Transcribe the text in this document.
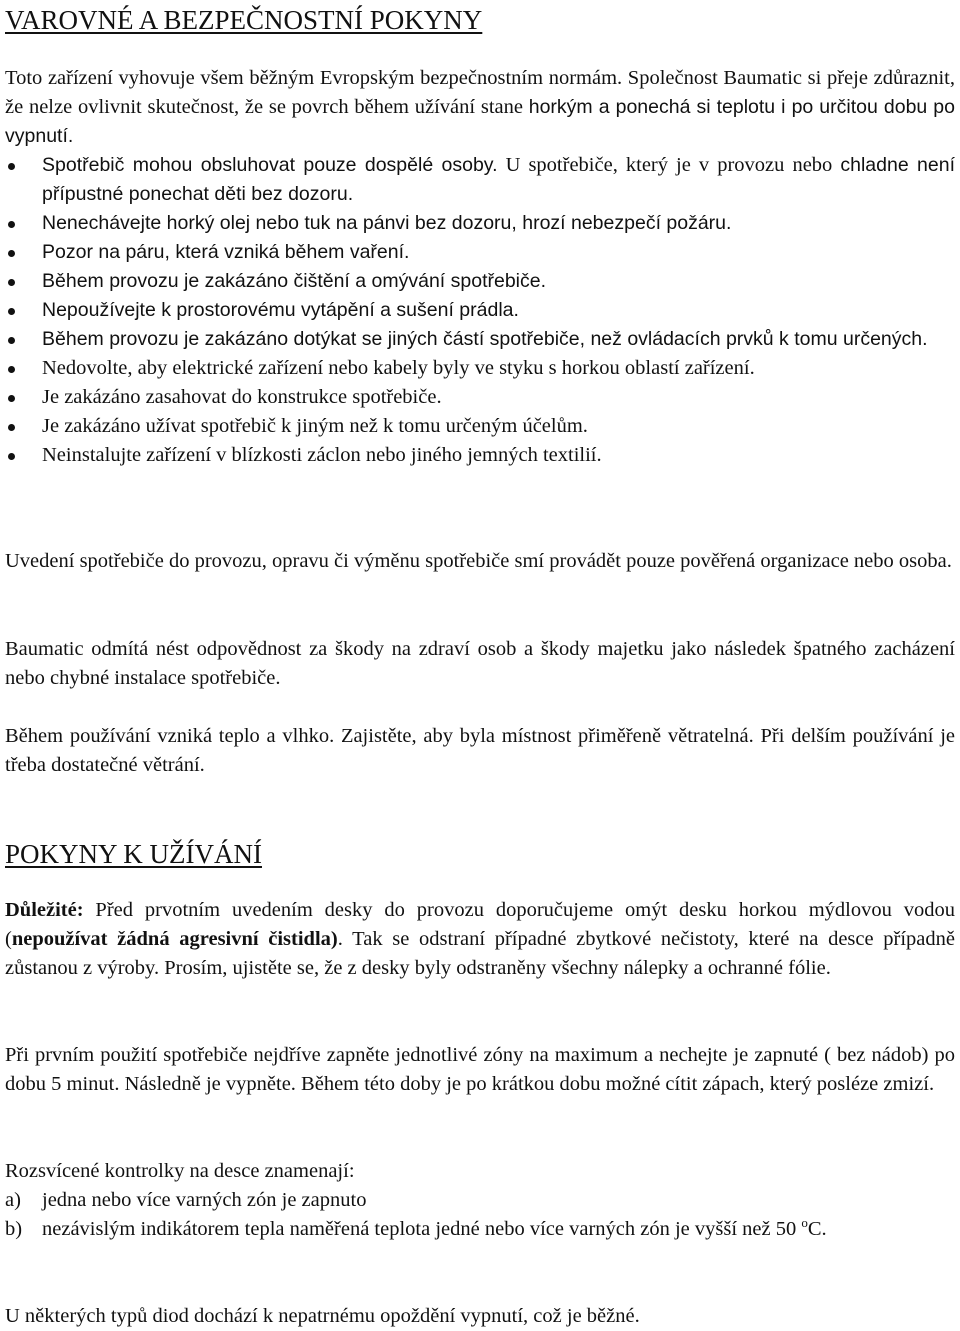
VAROVNÉ A BEZPEČNOSTNÍ POKYNY

Toto zařízení vyhovuje všem běžným Evropským bezpečnostním normám. Společnost Baumatic si přeje zdůraznit, že nelze ovlivnit skutečnost, že se povrch během užívání stane horkým a ponechá si teplotu i po určitou dobu po vypnutí.

Spotřebič mohou obsluhovat pouze dospělé osoby. U spotřebiče, který je v provozu nebo chladne není přípustné ponechat děti bez dozoru.
Nenechávejte horký olej nebo tuk na pánvi bez dozoru, hrozí nebezpečí požáru.
Pozor na páru, která vzniká během vaření.
Během provozu je zakázáno čištění a omývání spotřebiče.
Nepoužívejte k prostorovému vytápění a sušení prádla.
Během provozu je zakázáno dotýkat se jiných částí spotřebiče, než ovládacích prvků k tomu určených.
Nedovolte, aby elektrické zařízení nebo kabely byly ve styku s horkou oblastí zařízení.
Je zakázáno zasahovat do konstrukce spotřebiče.
Je zakázáno užívat spotřebič k jiným než k tomu určeným účelům.
Neinstalujte zařízení v blízkosti záclon nebo jiného jemných textilií.

Uvedení spotřebiče do provozu, opravu či výměnu spotřebiče smí provádět pouze pověřená organizace nebo osoba.

Baumatic odmítá nést odpovědnost za škody na zdraví osob a škody majetku jako následek špatného zacházení nebo chybné instalace spotřebiče.

Během používání vzniká teplo a vlhko. Zajistěte, aby byla místnost přiměřeně větratelná. Při delším používání je třeba dostatečné větrání.

POKYNY K UŽÍVÁNÍ

Důležité: Před prvotním uvedením desky do provozu doporučujeme omýt desku horkou mýdlovou vodou (nepoužívat žádná agresivní čistidla). Tak se odstraní případné zbytkové nečistoty, které na desce případně zůstanou z výroby. Prosím, ujistěte se, že z desky byly odstraněny všechny nálepky a ochranné fólie.

Při prvním použití spotřebiče nejdříve zapněte jednotlivé zóny na maximum a nechejte je zapnuté ( bez nádob) po dobu 5 minut. Následně je vypněte. Během této doby je po krátkou dobu možné cítit zápach, který posléze zmizí.

Rozsvícené kontrolky na desce znamenají:

a) jedna nebo více varných zón je zapnuto
b) nezávislým indikátorem tepla naměřená teplota jedné nebo více varných zón je vyšší než 50 $^o$C.

U některých typů diod dochází k nepatrnému opoždění vypnutí, což je běžné.
